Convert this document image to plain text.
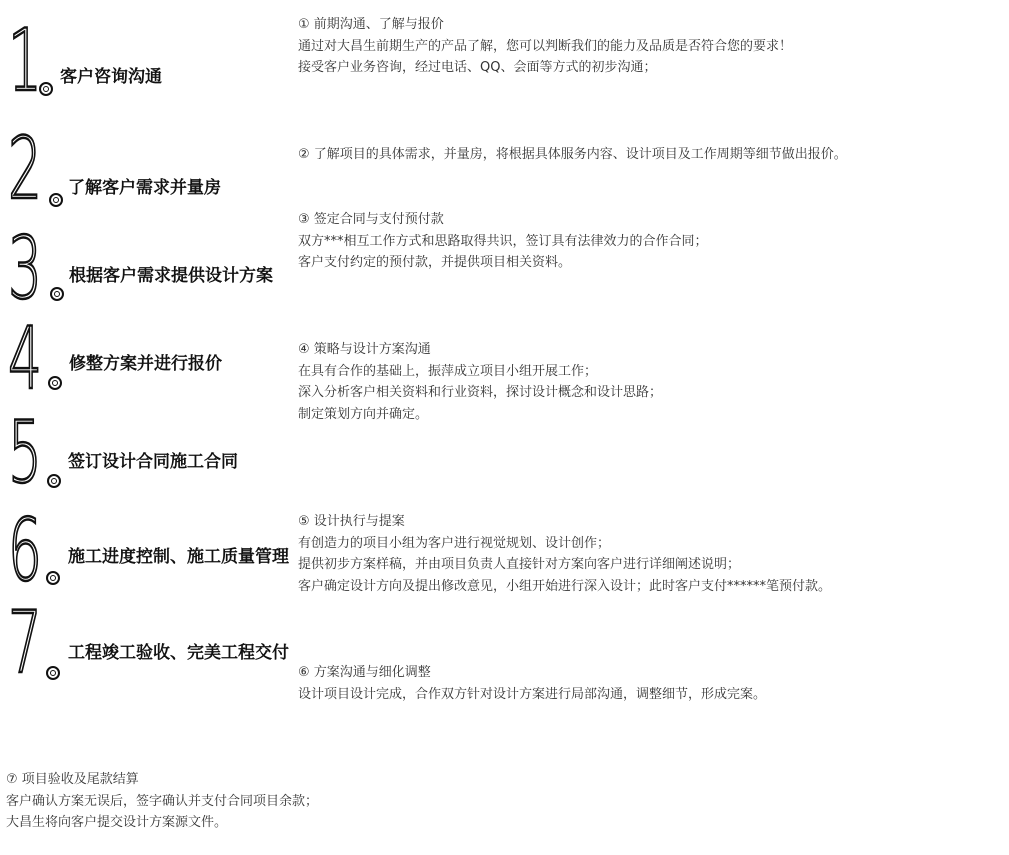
1 客户咨询沟通
2 了解客户需求并量房
3 根据客户需求提供设计方案
4 修整方案并进行报价
5 签订设计合同施工合同
6 施工进度控制、施工质量管理
7 工程竣工验收、完美工程交付

① 前期沟通、了解与报价

通过对大昌生前期生产的产品了解，您可以判断我们的能力及品质是否符合您的要求！

接受客户业务咨询，经过电话、QQ、会面等方式的初步沟通；

② 了解项目的具体需求，并量房，将根据具体服务内容、设计项目及工作周期等细节做出报价。

③ 签定合同与支付预付款

双方***相互工作方式和思路取得共识，签订具有法律效力的合作合同；

客户支付约定的预付款，并提供项目相关资料。

④ 策略与设计方案沟通

在具有合作的基础上，振萍成立项目小组开展工作；

深入分析客户相关资料和行业资料，探讨设计概念和设计思路；

制定策划方向并确定。

⑤ 设计执行与提案

有创造力的项目小组为客户进行视觉规划、设计创作；

提供初步方案样稿，并由项目负责人直接针对方案向客户进行详细阐述说明；

客户确定设计方向及提出修改意见，小组开始进行深入设计；此时客户支付******笔预付款。

⑥ 方案沟通与细化调整

设计项目设计完成，合作双方针对设计方案进行局部沟通，调整细节，形成完案。

⑦ 项目验收及尾款结算

客户确认方案无误后，签字确认并支付合同项目余款；

大昌生将向客户提交设计方案源文件。
